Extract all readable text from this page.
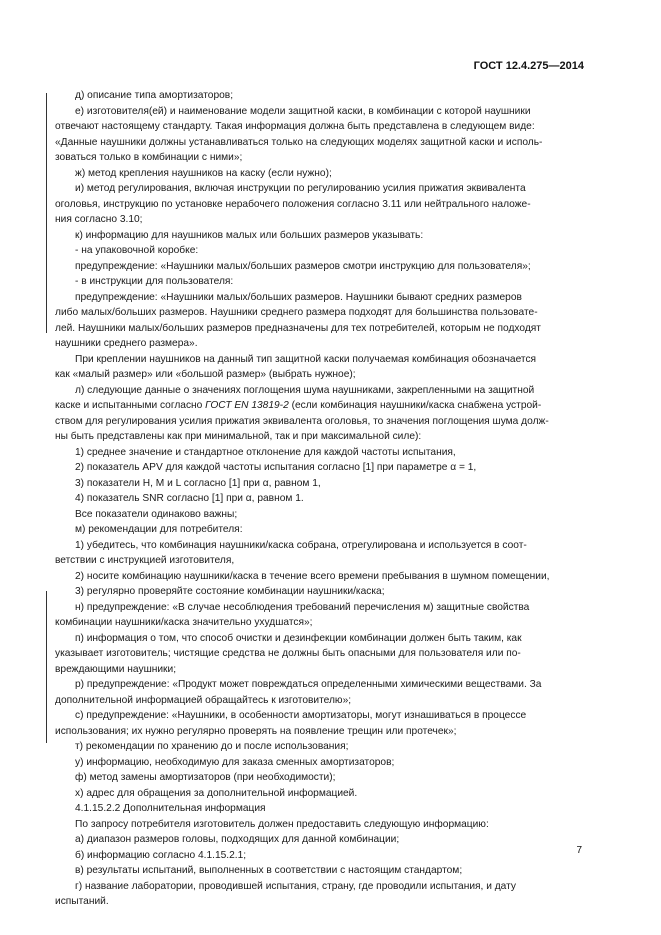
ГОСТ 12.4.275—2014

д) описание типа амортизаторов;

е) изготовителя(ей) и наименование модели защитной каски, в комбинации с которой наушники

отвечают настоящему стандарту. Такая информация должна быть представлена в следующем виде:

«Данные наушники должны устанавливаться только на следующих моделях защитной каски и исполь-

зоваться только в комбинации с ними»;

ж) метод крепления наушников на каску (если нужно);

и) метод регулирования, включая инструкции по регулированию усилия прижатия эквивалента

оголовья, инструкцию по установке нерабочего положения согласно 3.11 или нейтрального наложе-

ния согласно 3.10;

к) информацию для наушников малых или больших размеров указывать:

- на упаковочной коробке:

предупреждение: «Наушники малых/больших размеров смотри инструкцию для пользователя»;

- в инструкции для пользователя:

предупреждение: «Наушники малых/больших размеров. Наушники бывают средних размеров

либо малых/больших размеров. Наушники среднего размера подходят для большинства пользовате-

лей. Наушники малых/больших размеров предназначены для тех потребителей, которым не подходят

наушники среднего размера».

При креплении наушников на данный тип защитной каски получаемая комбинация обозначается

как «малый размер» или «большой размер» (выбрать нужное);

л) следующие данные о значениях поглощения шума наушниками, закрепленными на защитной

каске и испытанными согласно ГОСТ EN 13819-2 (если комбинация наушники/каска снабжена устрой-

ством для регулирования усилия прижатия эквивалента оголовья, то значения поглощения шума долж-

ны быть представлены как при минимальной, так и при максимальной силе):

1) среднее значение и стандартное отклонение для каждой частоты испытания,

2) показатель APV для каждой частоты испытания согласно [1] при параметре α = 1,

3) показатели H, M и L согласно [1] при α, равном 1,

4) показатель SNR согласно [1] при α, равном 1.

Все показатели одинаково важны;

м) рекомендации для потребителя:

1) убедитесь, что комбинация наушники/каска собрана, отрегулирована и используется в соот-

ветствии с инструкцией изготовителя,

2) носите комбинацию наушники/каска в течение всего времени пребывания в шумном помещении,

3) регулярно проверяйте состояние комбинации наушники/каска;

н) предупреждение: «В случае несоблюдения требований перечисления м) защитные свойства

комбинации наушники/каска значительно ухудшатся»;

п) информация о том, что способ очистки и дезинфекции комбинации должен быть таким, как

указывает изготовитель; чистящие средства не должны быть опасными для пользователя или по-

вреждающими наушники;

р) предупреждение: «Продукт может повреждаться определенными химическими веществами. За

дополнительной информацией обращайтесь к изготовителю»;

с) предупреждение: «Наушники, в особенности амортизаторы, могут изнашиваться в процессе

использования; их нужно регулярно проверять на появление трещин или протечек»;

т) рекомендации по хранению до и после использования;

у) информацию, необходимую для заказа сменных амортизаторов;

ф) метод замены амортизаторов (при необходимости);

х) адрес для обращения за дополнительной информацией.

4.1.15.2.2 Дополнительная информация

По запросу потребителя изготовитель должен предоставить следующую информацию:

а) диапазон размеров головы, подходящих для данной комбинации;

б) информацию согласно 4.1.15.2.1;

в) результаты испытаний, выполненных в соответствии с настоящим стандартом;

г) название лаборатории, проводившей испытания, страну, где проводили испытания, и дату

испытаний.

7
